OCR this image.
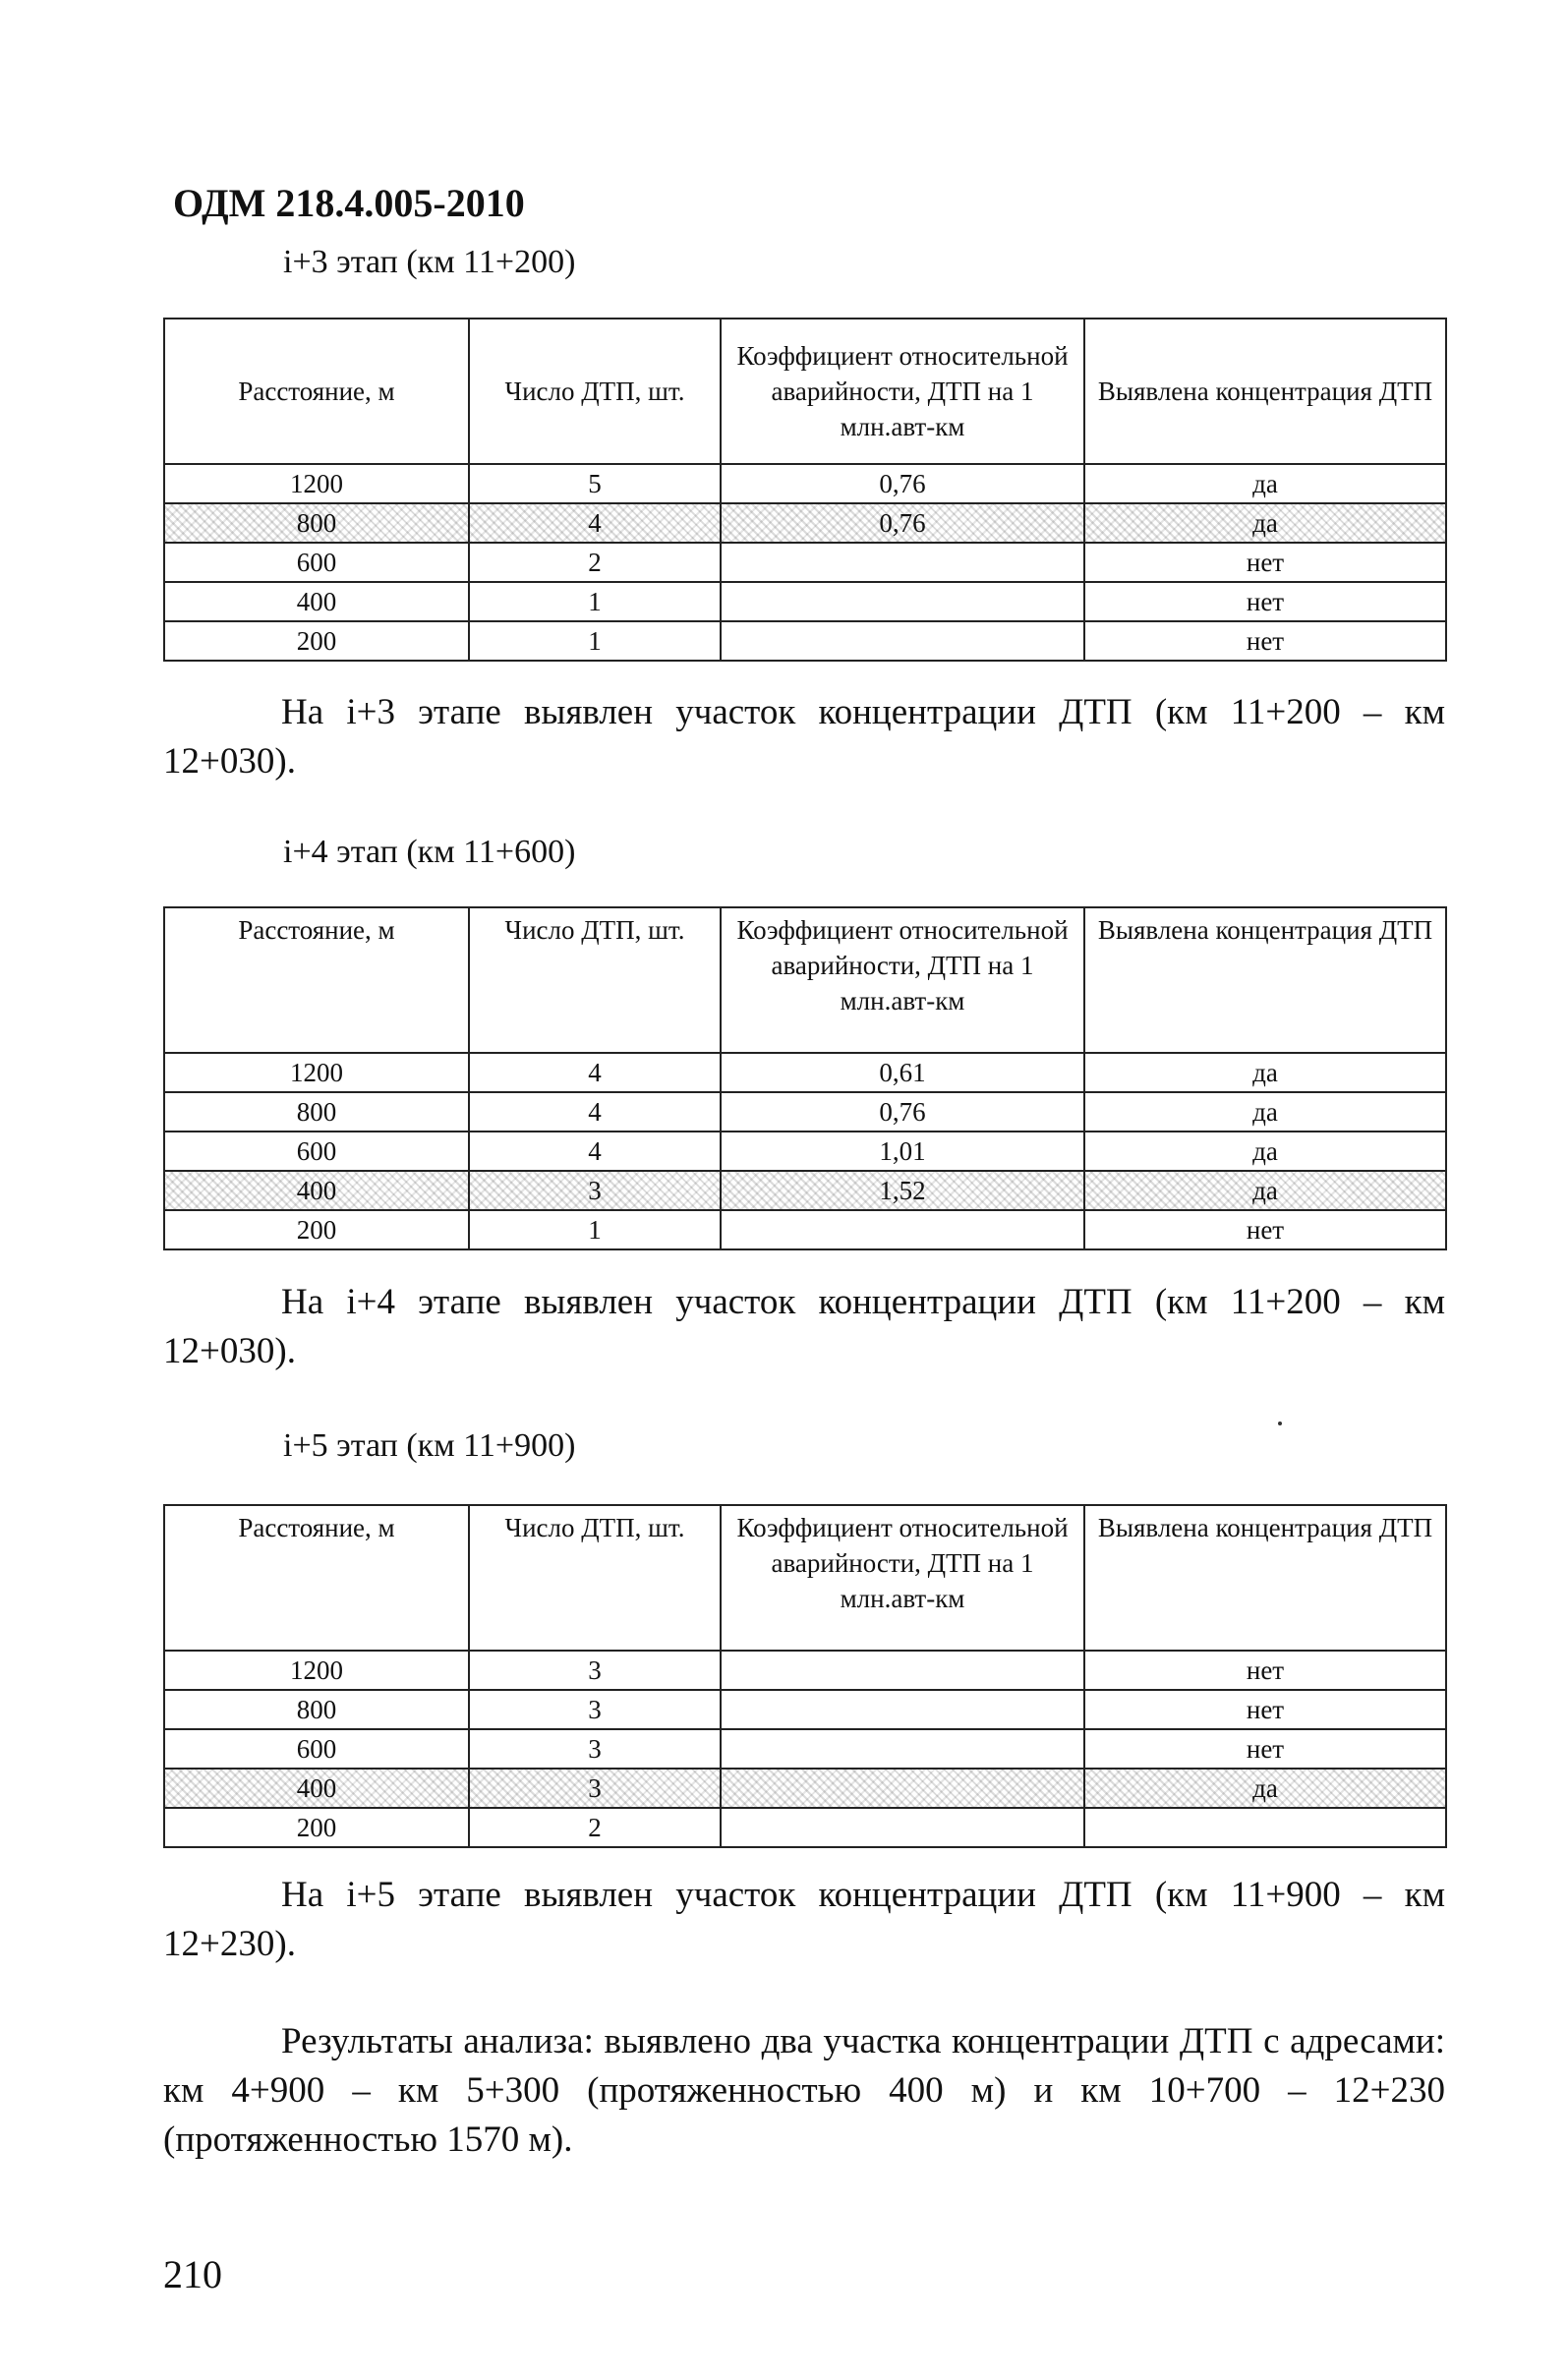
ОДМ 218.4.005-2010
i+3 этап (км 11+200)
Расстояние, м	Число ДТП, шт.	Коэффициент относительной аварийности, ДТП на 1 млн.авт-км	Выявлена концентрация ДТП
1200	5	0,76	да
800	4	0,76	да
600	2		нет
400	1		нет
200	1		нет
На i+3 этапе выявлен участок концентрации ДТП (км 11+200 – км 12+030).
i+4 этап (км 11+600)
Расстояние, м	Число ДТП, шт.	Коэффициент относительной аварийности, ДТП на 1 млн.авт-км	Выявлена концентрация ДТП
1200	4	0,61	да
800	4	0,76	да
600	4	1,01	да
400	3	1,52	да
200	1		нет
На i+4 этапе выявлен участок концентрации ДТП (км 11+200 – км 12+030).
i+5 этап (км 11+900)
Расстояние, м	Число ДТП, шт.	Коэффициент относительной аварийности, ДТП на 1 млн.авт-км	Выявлена концентрация ДТП
1200	3		нет
800	3		нет
600	3		нет
400	3		да
200	2		
На i+5 этапе выявлен участок концентрации ДТП (км 11+900 – км 12+230).
Результаты анализа: выявлено два участка концентрации ДТП с адресами: км 4+900 – км 5+300 (протяженностью 400 м) и км 10+700 – 12+230 (протяженностью 1570 м).
210
